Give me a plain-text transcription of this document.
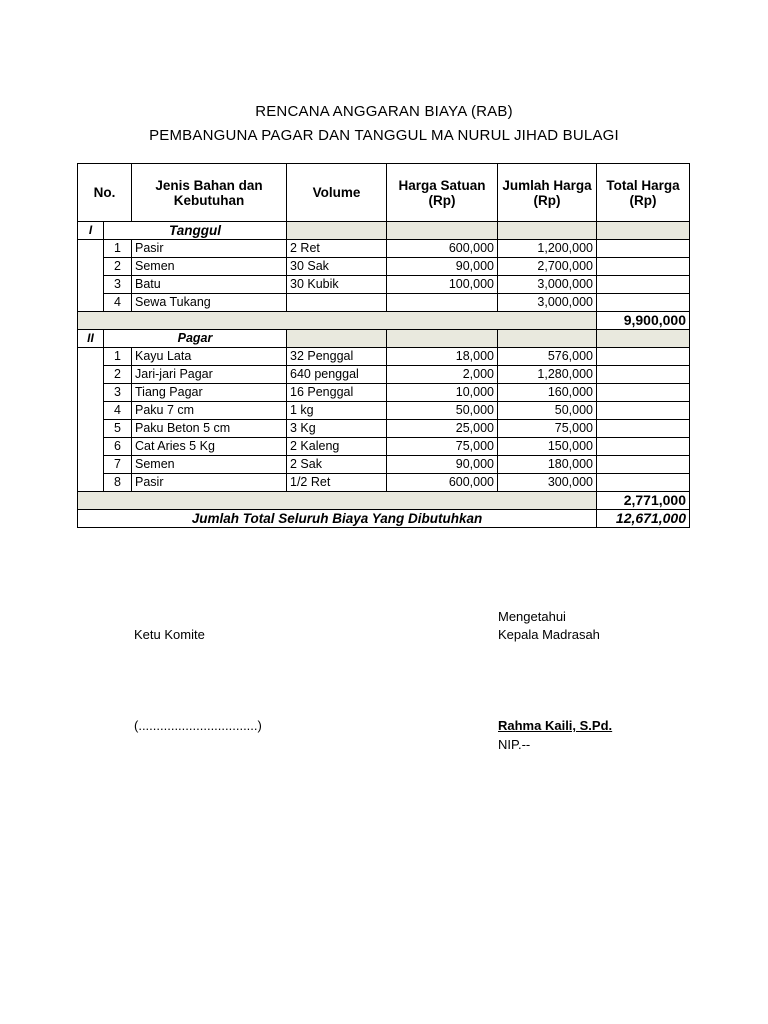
RENCANA ANGGARAN BIAYA (RAB)
PEMBANGUNA PAGAR DAN TANGGUL MA NURUL JIHAD BULAGI
No.		Jenis Bahan dan Kebutuhan	Volume	Harga Satuan (Rp)	Jumlah Harga (Rp)	Total Harga (Rp)
I	Tanggul					
	1	Pasir	2 Ret	600,000	1,200,000	
	2	Semen	30 Sak	90,000	2,700,000	
	3	Batu	30 Kubik	100,000	3,000,000	
	4	Sewa Tukang			3,000,000	
						9,900,000
II	Pagar					
	1	Kayu Lata	32 Penggal	18,000	576,000	
	2	Jari-jari Pagar	640 penggal	2,000	1,280,000	
	3	Tiang Pagar	16 Penggal	10,000	160,000	
	4	Paku 7 cm	1 kg	50,000	50,000	
	5	Paku Beton 5 cm	3 Kg	25,000	75,000	
	6	Cat Aries 5 Kg	2 Kaleng	75,000	150,000	
	7	Semen	2 Sak	90,000	180,000	
	8	Pasir	1/2 Ret	600,000	300,000	
						2,771,000
Jumlah Total Seluruh Biaya Yang Dibutuhkan						12,671,000
Mengetahui
Ketu Komite	Kepala Madrasah
(.................................)	Rahma Kaili, S.Pd.
NIP.--
